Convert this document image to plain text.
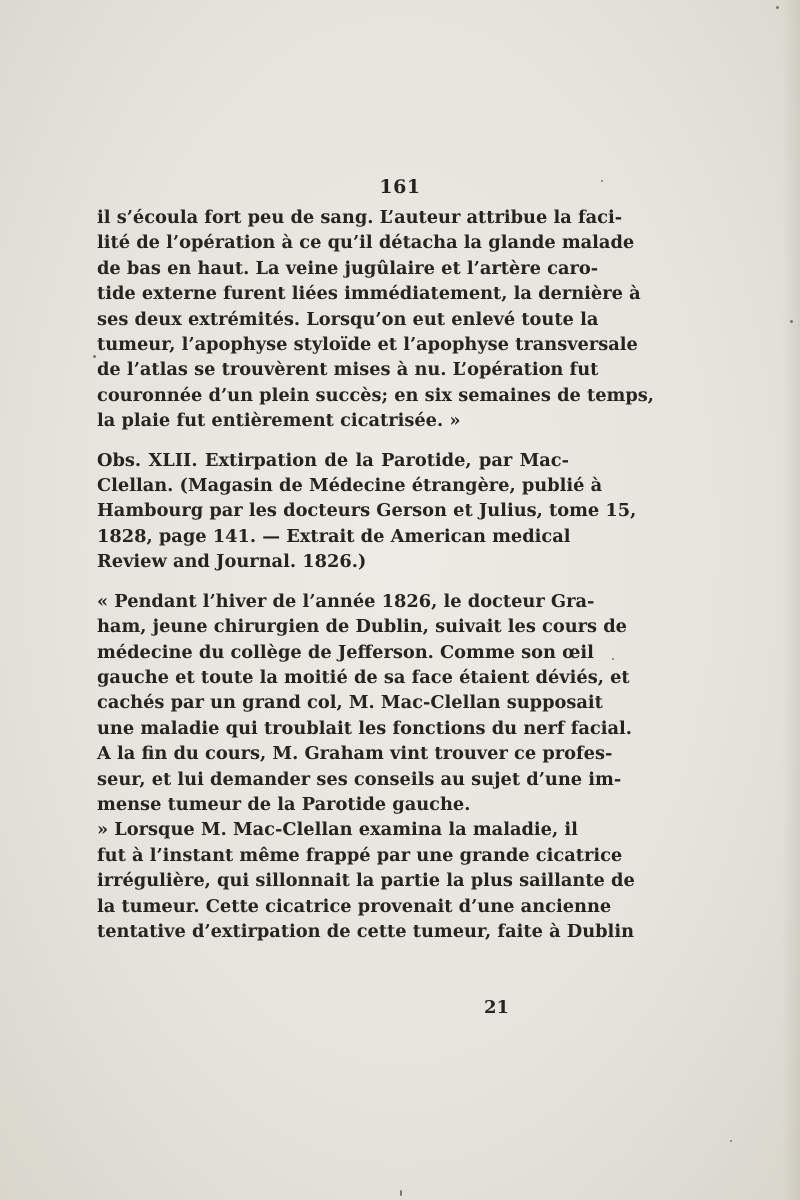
161
il s’écoula fort peu de sang. L’auteur attribue la faci-
lité de l’opération à ce qu’il détacha la glande malade
de bas en haut. La veine jugûlaire et l’artère caro-
tide externe furent liées immédiatement, la dernière à
ses deux extrémités. Lorsqu’on eut enlevé toute la
tumeur, l’apophyse styloïde et l’apophyse transversale
de l’atlas se trouvèrent mises à nu. L’opération fut
couronnée d’un plein succès; en six semaines de temps,
la plaie fut entièrement cicatrisée. »
Obs. XLII. Extirpation de la Parotide, par Mac-
Clellan. (Magasin de Médecine étrangère, publié à
Hambourg par les docteurs Gerson et Julius, tome 15,
1828, page 141. — Extrait de American medical
Review and Journal. 1826.)
« Pendant l’hiver de l’année 1826, le docteur Gra-
ham, jeune chirurgien de Dublin, suivait les cours de
médecine du collège de Jefferson. Comme son œil
gauche et toute la moitié de sa face étaient déviés, et
cachés par un grand col, M. Mac-Clellan supposait
une maladie qui troublait les fonctions du nerf facial.
A la fin du cours, M. Graham vint trouver ce profes-
seur, et lui demander ses conseils au sujet d’une im-
mense tumeur de la Parotide gauche.
» Lorsque M. Mac-Clellan examina la maladie, il
fut à l’instant même frappé par une grande cicatrice
irrégulière, qui sillonnait la partie la plus saillante de
la tumeur. Cette cicatrice provenait d’une ancienne
tentative d’extirpation de cette tumeur, faite à Dublin
21
